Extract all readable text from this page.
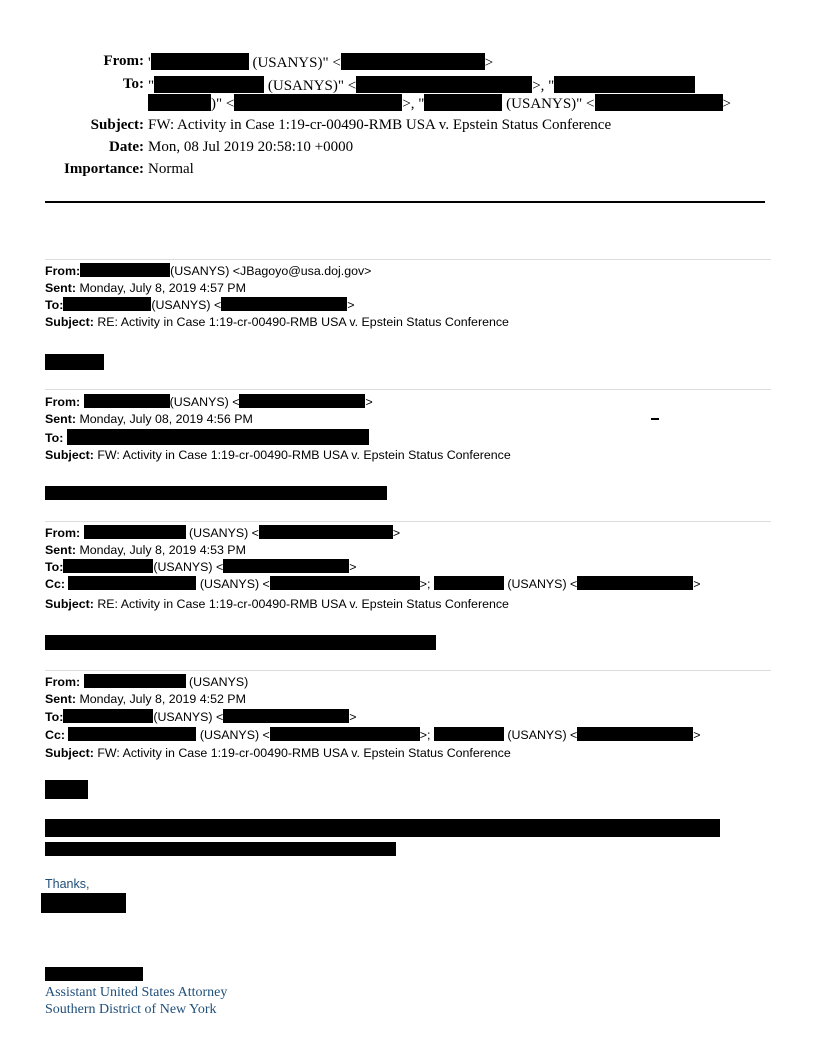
From: '	(USANYS)" <	>
To: "	(USANYS)" <	>, "
)" <	>, "	(USANYS)" <	>
Subject: FW: Activity in Case 1:19-cr-00490-RMB USA v. Epstein Status Conference
Date: Mon, 08 Jul 2019 20:58:10 +0000
Importance: Normal
From:	(USANYS) <JBagoyo@usa.doj.gov>
Sent: Monday, July 8, 2019 4:57 PM
To:	(USANYS) <	>
Subject: RE: Activity in Case 1:19-cr-00490-RMB USA v. Epstein Status Conference
From:	(USANYS) <	>
Sent: Monday, July 08, 2019 4:56 PM
To:
Subject: FW: Activity in Case 1:19-cr-00490-RMB USA v. Epstein Status Conference
From:	(USANYS) <	>
Sent: Monday, July 8, 2019 4:53 PM
To:	(USANYS) <	>
Cc:	(USANYS) <	>;	(USANYS) <	>
Subject: RE: Activity in Case 1:19-cr-00490-RMB USA v. Epstein Status Conference
From:	(USANYS)
Sent: Monday, July 8, 2019 4:52 PM
To:	(USANYS) <	>
Cc:	(USANYS) <	>;	(USANYS) <	>
Subject: FW: Activity in Case 1:19-cr-00490-RMB USA v. Epstein Status Conference
Thanks,
Assistant United States Attorney
Southern District of New York
